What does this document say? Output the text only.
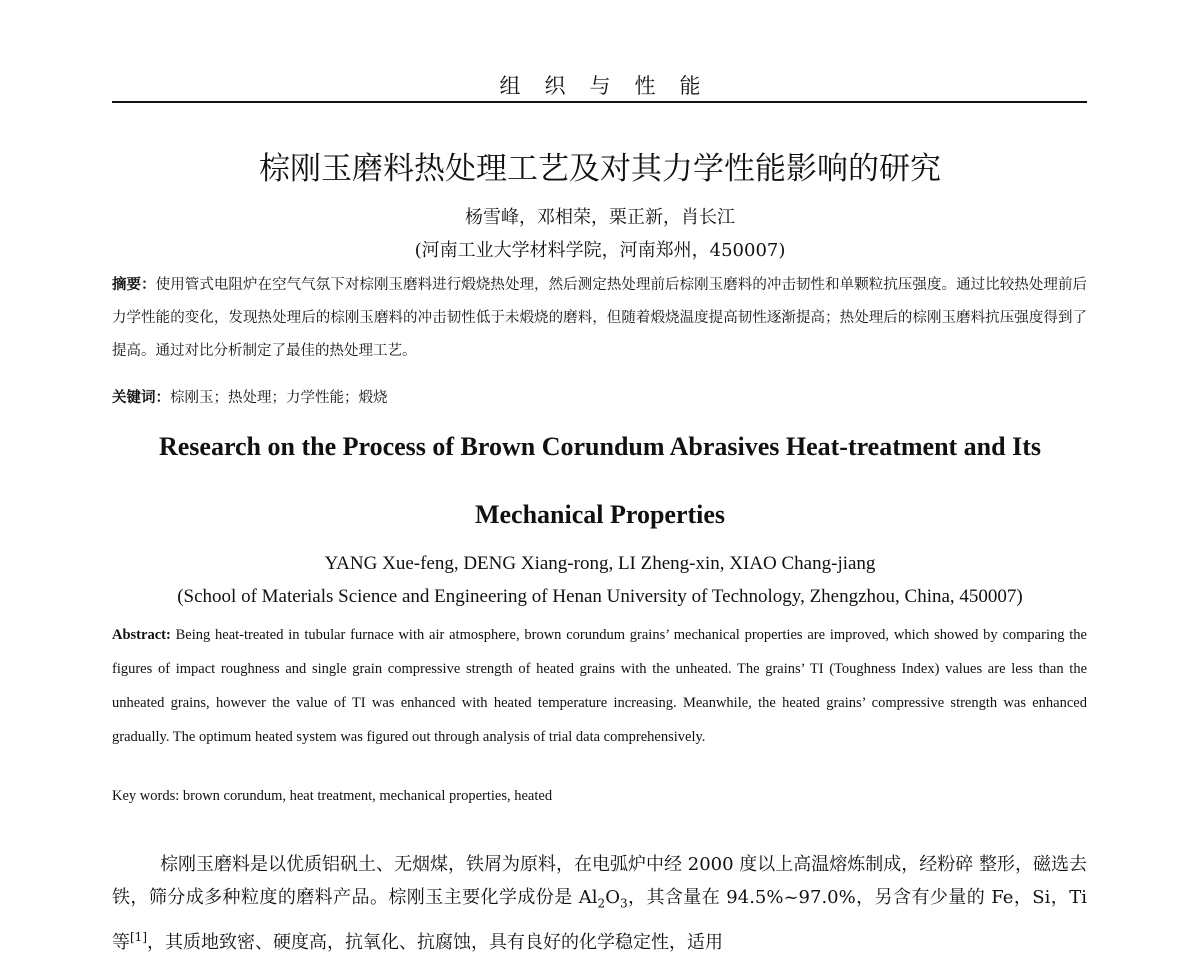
组织与性能
棕刚玉磨料热处理工艺及对其力学性能影响的研究
杨雪峰，邓相荣，栗正新，肖长江
(河南工业大学材料学院，河南郑州，450007)
摘要：使用管式电阻炉在空气气氛下对棕刚玉磨料进行煅烧热处理，然后测定热处理前后棕刚玉磨料的冲击韧性和单颗粒抗压强度。通过比较热处理前后力学性能的变化，发现热处理后的棕刚玉磨料的冲击韧性低于未煅烧的磨料，但随着煅烧温度提高韧性逐渐提高；热处理后的棕刚玉磨料抗压强度得到了提高。通过对比分析制定了最佳的热处理工艺。
关键词：棕刚玉；热处理；力学性能；煅烧
Research on the Process of Brown Corundum Abrasives Heat-treatment and Its
Mechanical Properties
YANG Xue-feng, DENG Xiang-rong, LI Zheng-xin, XIAO Chang-jiang
(School of Materials Science and Engineering of Henan University of Technology, Zhengzhou, China, 450007)
Abstract: Being heat-treated in tubular furnace with air atmosphere, brown corundum grains’ mechanical properties are improved, which showed by comparing the figures of impact roughness and single grain compressive strength of heated grains with the unheated. The grains’ TI (Toughness Index) values are less than the unheated grains, however the value of TI was enhanced with heated temperature increasing. Meanwhile, the heated grains’ compressive strength was enhanced gradually. The optimum heated system was figured out through analysis of trial data comprehensively.
Key words: brown corundum, heat treatment, mechanical properties, heated
棕刚玉磨料是以优质铝矾土、无烟煤，铁屑为原料，在电弧炉中经 2000 度以上高温熔炼制成，经粉碎 整形，磁选去铁，筛分成多种粒度的磨料产品。棕刚玉主要化学成份是 $Al_2O_3$，其含量在 94.5%~97.0%，另含有少量的 Fe，Si，Ti 等[1]，其质地致密、硬度高，抗氧化、抗腐蚀，具有良好的化学稳定性，适用
